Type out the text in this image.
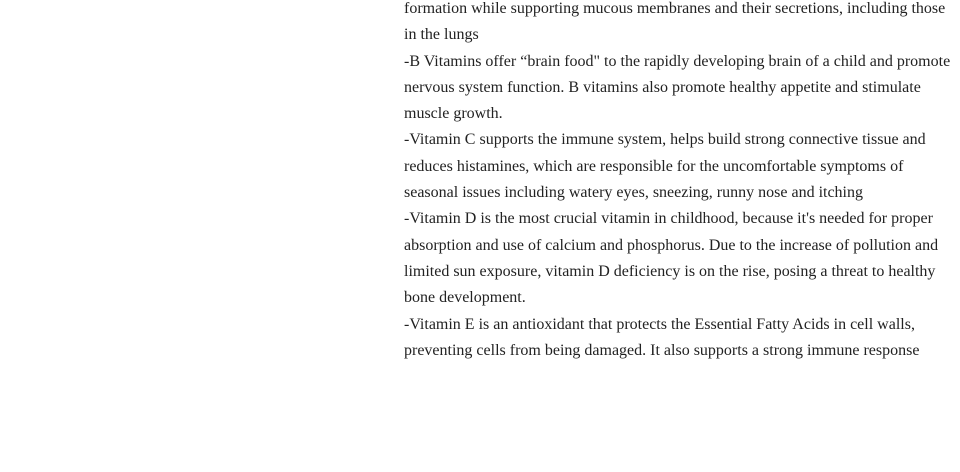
formation while supporting mucous membranes and their secretions, including those in the lungs

-B Vitamins offer “brain food" to the rapidly developing brain of a child and promote nervous system function. B vitamins also promote healthy appetite and stimulate muscle growth.

-Vitamin C supports the immune system, helps build strong connective tissue and reduces histamines, which are responsible for the uncomfortable symptoms of seasonal issues including watery eyes, sneezing, runny nose and itching

-Vitamin D is the most crucial vitamin in childhood, because it's needed for proper absorption and use of calcium and phosphorus. Due to the increase of pollution and limited sun exposure, vitamin D deficiency is on the rise, posing a threat to healthy bone development.

-Vitamin E is an antioxidant that protects the Essential Fatty Acids in cell walls, preventing cells from being damaged. It also supports a strong immune response
